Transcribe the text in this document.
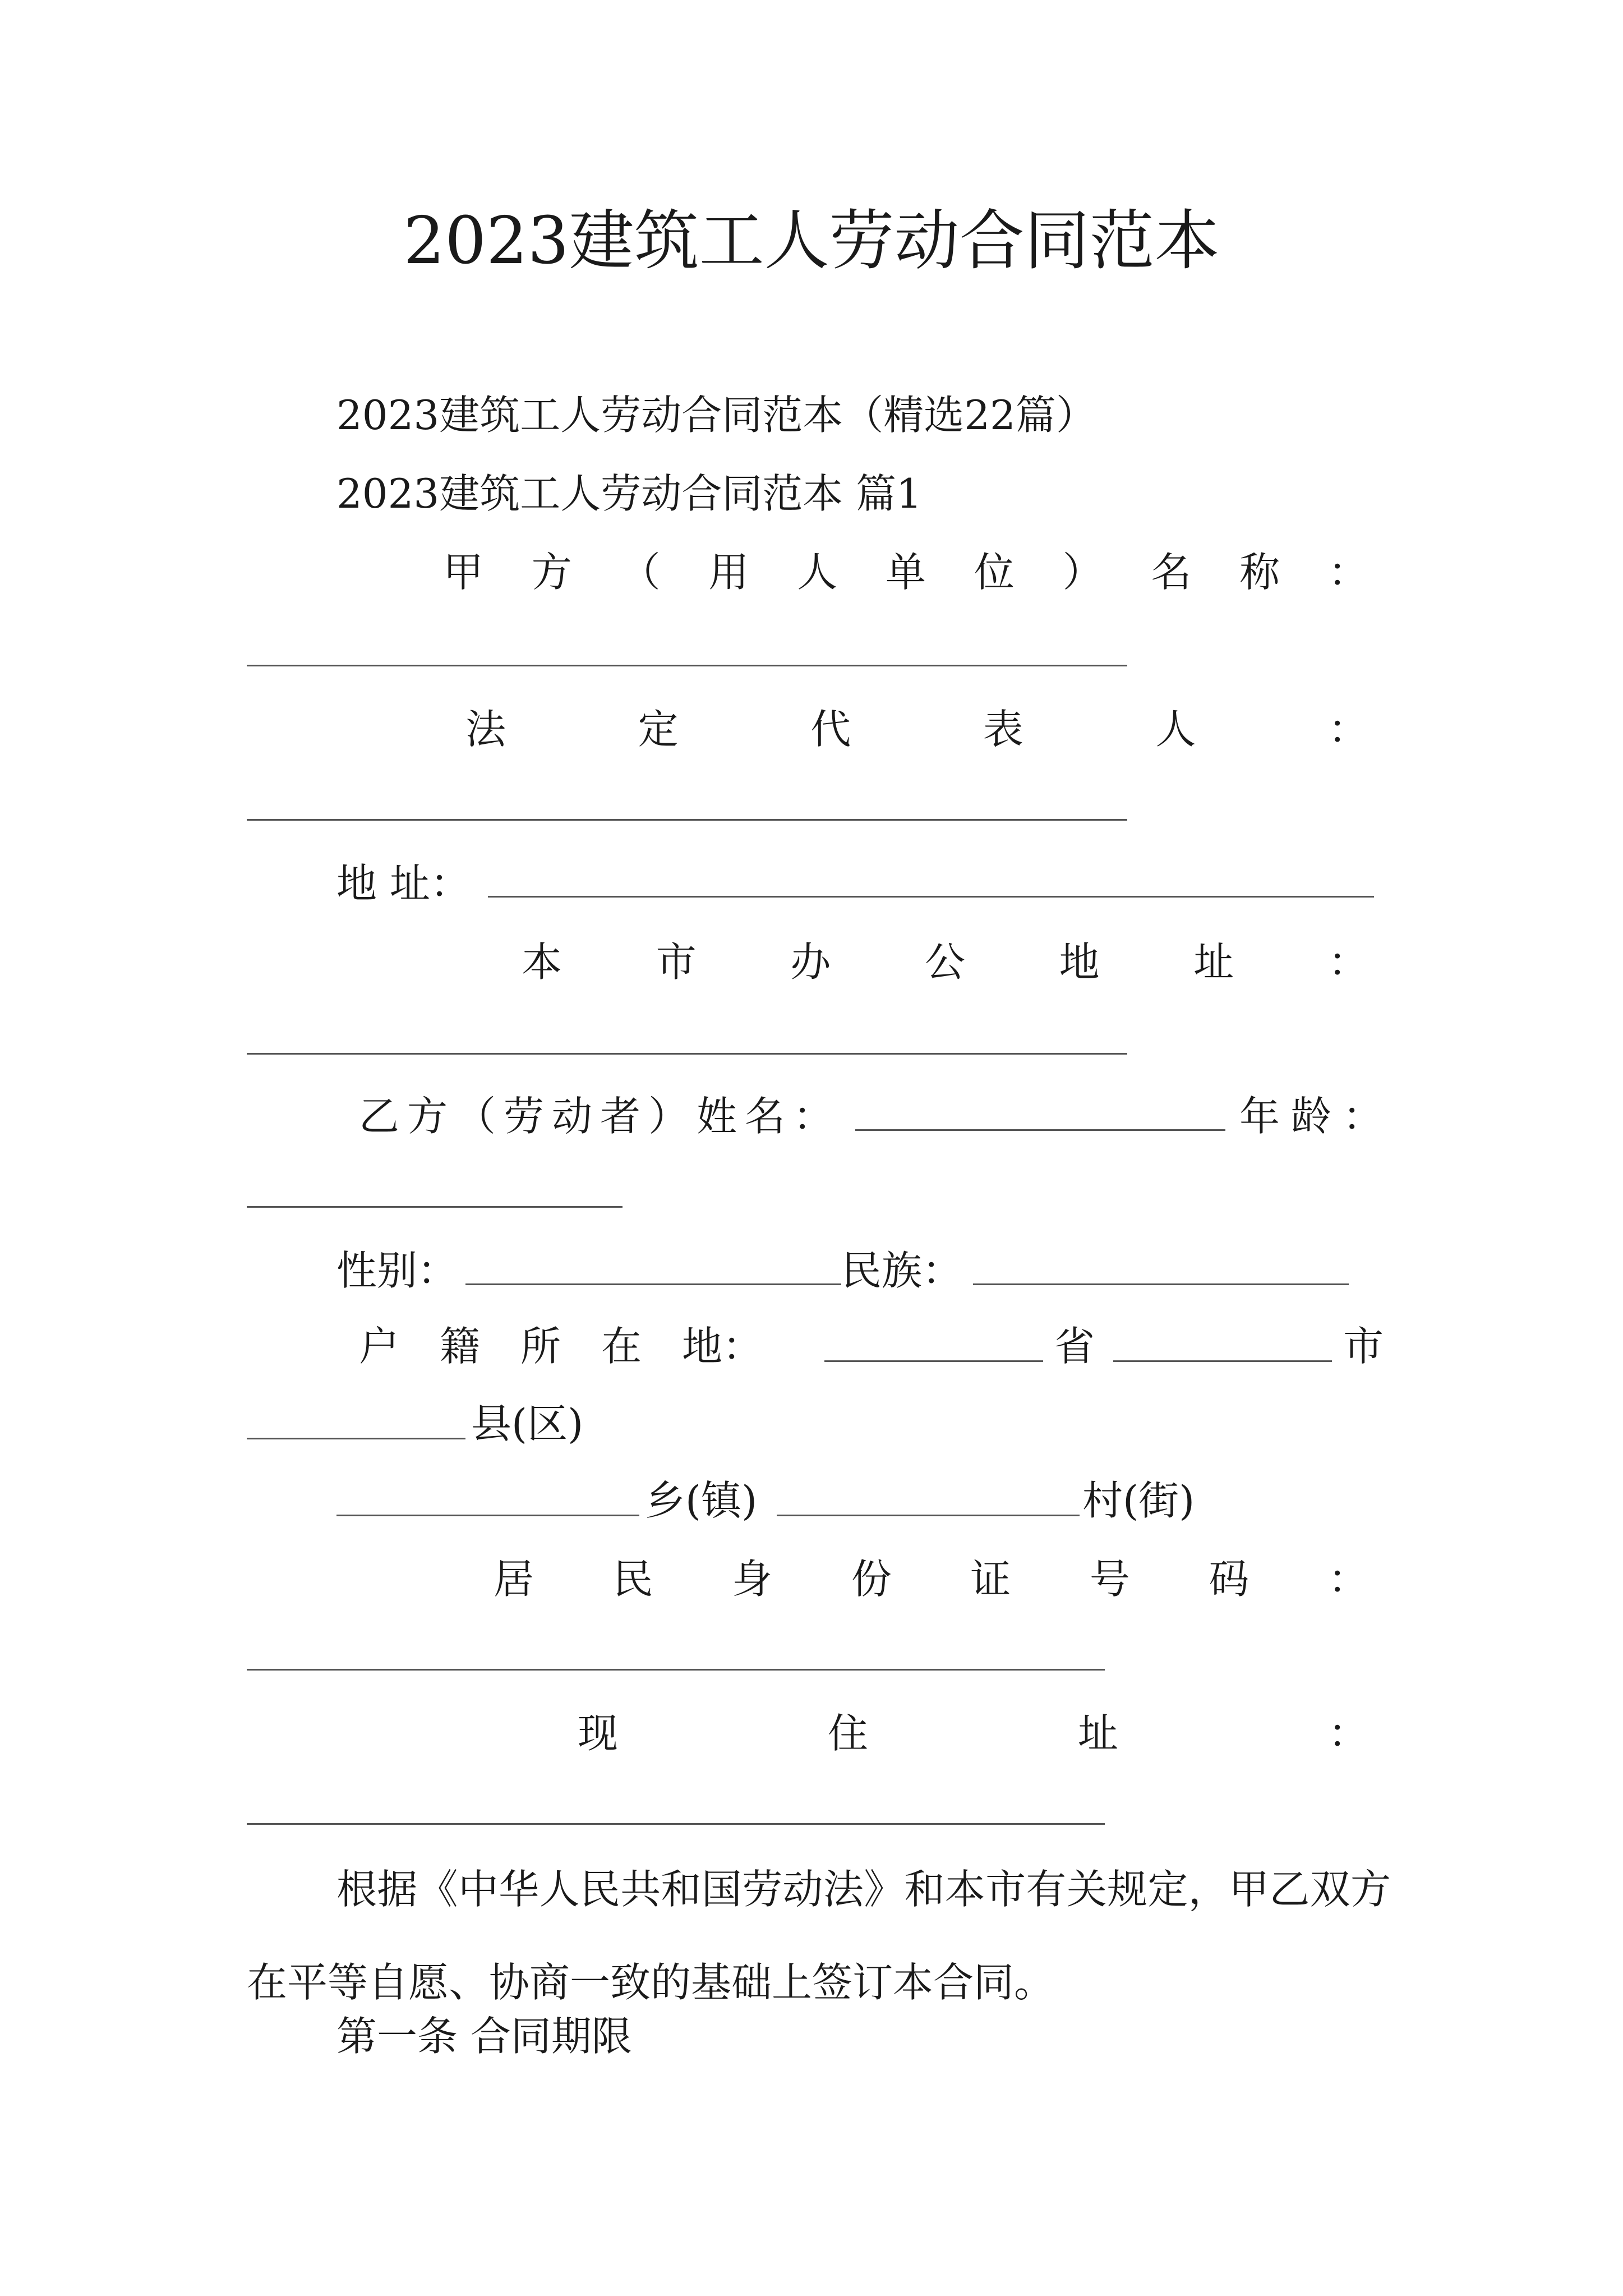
2023建筑工人劳动合同范本
2023建筑工人劳动合同范本（精选22篇）
2023建筑工人劳动合同范本 篇1
甲 方 （ 用 人 单 位 ） 名 称 ：
法	定	代	表	人	：
地 址：
本 市 办 公 地 址 ：
乙方（劳动者）姓名：	年龄：
性别：	民族：
户　籍　所　在　地：	省	市
县(区)
乡(镇)	村(街)
居 民 身 份 证 号 码 ：
现	住	址	：
根据《中华人民共和国劳动法》和本市有关规定，甲乙双方在平等自愿、协商一致的基础上签订本合同。
第一条 合同期限
